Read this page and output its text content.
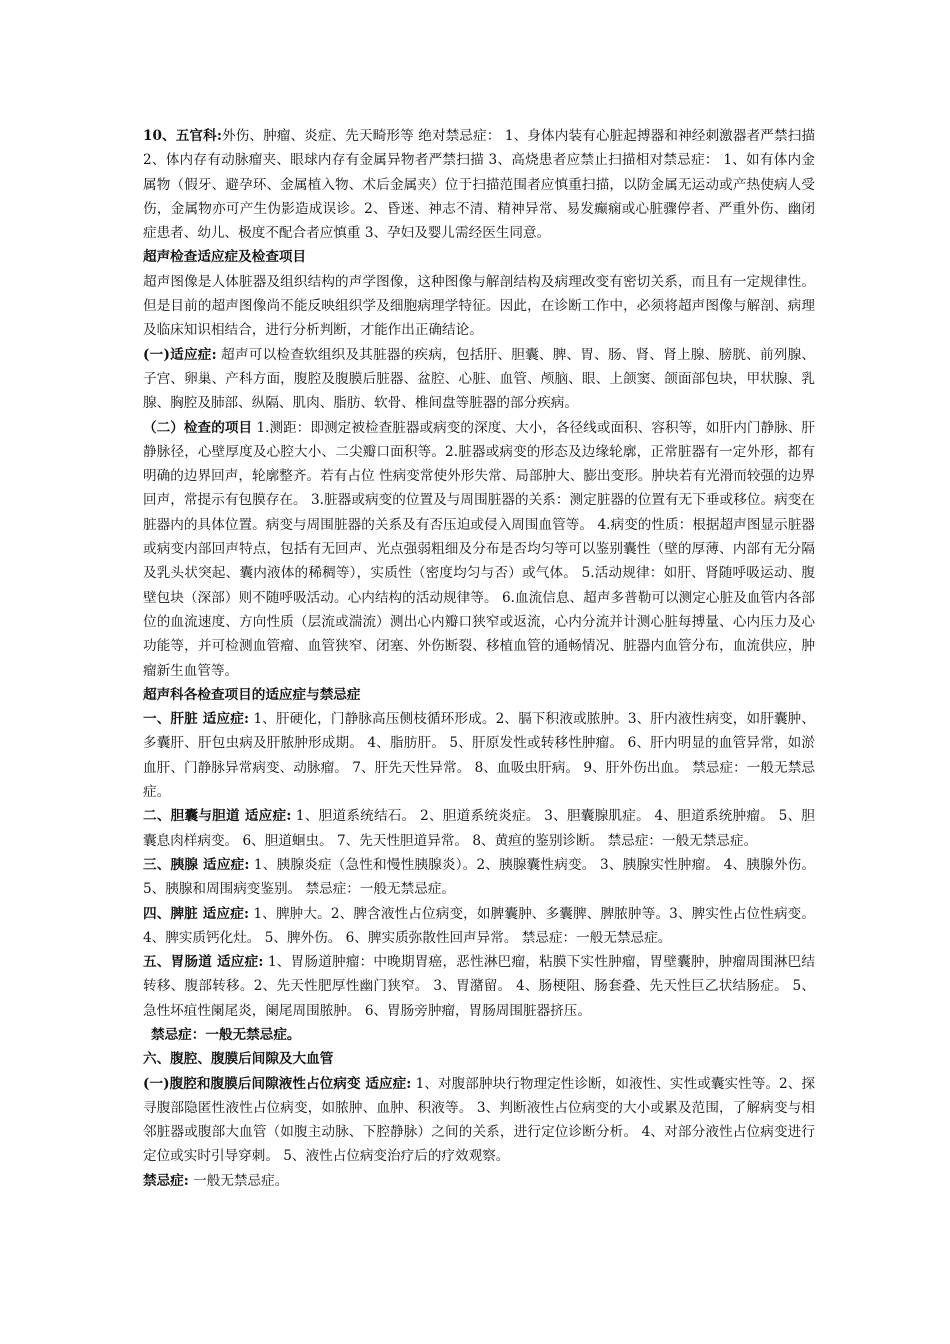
10、五官科:外伤、肿瘤、炎症、先天畸形等 绝对禁忌症： 1、身体内装有心脏起搏器和神经刺激器者严禁扫描 2、体内存有动脉瘤夹、眼球内存有金属异物者严禁扫描 3、高烧患者应禁止扫描相对禁忌症： 1、如有体内金属物（假牙、避孕环、金属植入物、术后金属夹）位于扫描范围者应慎重扫描，以防金属无运动或产热使病人受伤，金属物亦可产生伪影造成误诊。2、昏迷、神志不清、精神异常、易发癫痫或心脏骤停者、严重外伤、幽闭症患者、幼儿、极度不配合者应慎重 3、孕妇及婴儿需经医生同意。

超声检查适应症及检查项目

超声图像是人体脏器及组织结构的声学图像，这种图像与解剖结构及病理改变有密切关系，而且有一定规律性。但是目前的超声图像尚不能反映组织学及细胞病理学特征。因此，在诊断工作中，必须将超声图像与解剖、病理及临床知识相结合，进行分析判断，才能作出正确结论。

(一)适应症: 超声可以检查软组织及其脏器的疾病，包括肝、胆囊、脾、胃、肠、肾、肾上腺、膀胱、前列腺、子宫、卵巢、产科方面，腹腔及腹膜后脏器、盆腔、心脏、血管、颅脑、眼、上颌窦、颌面部包块，甲状腺、乳腺、胸腔及肺部、纵隔、肌肉、脂肪、软骨、椎间盘等脏器的部分疾病。

（二）检查的项目 1.测距：即测定被检查脏器或病变的深度、大小，各径线或面积、容积等，如肝内门静脉、肝静脉径，心壁厚度及心腔大小、二尖瓣口面积等。2.脏器或病变的形态及边缘轮廓，正常脏器有一定外形，都有明确的边界回声，轮廓整齐。若有占位 性病变常使外形失常、局部肿大、膨出变形。肿块若有光滑而较强的边界回声，常提示有包膜存在。 3.脏器或病变的位置及与周围脏器的关系：测定脏器的位置有无下垂或移位。病变在脏器内的具体位置。病变与周围脏器的关系及有否压迫或侵入周围血管等。 4.病变的性质：根据超声图显示脏器或病变内部回声特点，包括有无回声、光点强弱粗细及分布是否均匀等可以鉴别囊性（壁的厚薄、内部有无分隔及乳头状突起、囊内液体的稀稠等），实质性（密度均匀与否）或气体。 5.活动规律：如肝、肾随呼吸运动、腹壁包块（深部）则不随呼吸活动。心内结构的活动规律等。 6.血流信息、超声多普勒可以测定心脏及血管内各部位的血流速度、方向性质（层流或湍流）测出心内瓣口狭窄或返流，心内分流并计测心脏每搏量、心内压力及心功能等，并可检测血管瘤、血管狭窄、闭塞、外伤断裂、移植血管的通畅情况、脏器内血管分布，血流供应，肿瘤新生血管等。

超声科各检查项目的适应症与禁忌症

一、肝脏 适应症: 1、肝硬化，门静脉高压侧枝循环形成。2、膈下积液或脓肿。3、肝内液性病变，如肝囊肿、多囊肝、肝包虫病及肝脓肿形成期。 4、脂肪肝。 5、肝原发性或转移性肿瘤。 6、肝内明显的血管异常，如淤血肝、门静脉异常病变、动脉瘤。 7、肝先天性异常。 8、血吸虫肝病。 9、肝外伤出血。 禁忌症：一般无禁忌症。

二、胆囊与胆道 适应症: 1、胆道系统结石。 2、胆道系统炎症。 3、胆囊腺肌症。 4、胆道系统肿瘤。 5、胆囊息肉样病变。 6、胆道蛔虫。 7、先天性胆道异常。 8、黄疸的鉴别诊断。 禁忌症：一般无禁忌症。

三、胰腺 适应症: 1、胰腺炎症（急性和慢性胰腺炎）。2、胰腺囊性病变。 3、胰腺实性肿瘤。 4、胰腺外伤。 5、胰腺和周围病变鉴别。 禁忌症：一般无禁忌症。

四、脾脏 适应症: 1、脾肿大。2、脾含液性占位病变，如脾囊肿、多囊脾、脾脓肿等。3、脾实性占位性病变。 4、脾实质钙化灶。 5、脾外伤。 6、脾实质弥散性回声异常。 禁忌症：一般无禁忌症。

五、胃肠道 适应症: 1、胃肠道肿瘤：中晚期胃癌，恶性淋巴瘤，粘膜下实性肿瘤，胃壁囊肿，肿瘤周围淋巴结转移、腹部转移。2、先天性肥厚性幽门狭窄。 3、胃潴留。 4、肠梗阻、肠套叠、先天性巨乙状结肠症。 5、急性坏疽性阑尾炎，阑尾周围脓肿。 6、胃肠旁肿瘤，胃肠周围脏器挤压。

禁忌症：一般无禁忌症。

六、腹腔、腹膜后间隙及大血管

(一)腹腔和腹膜后间隙液性占位病变 适应症: 1、对腹部肿块行物理定性诊断，如液性、实性或囊实性等。2、探寻腹部隐匿性液性占位病变，如脓肿、血肿、积液等。 3、判断液性占位病变的大小或累及范围，了解病变与相邻脏器或腹部大血管（如腹主动脉、下腔静脉）之间的关系，进行定位诊断分析。 4、对部分液性占位病变进行定位或实时引导穿刺。 5、液性占位病变治疗后的疗效观察。

禁忌症: 一般无禁忌症。
